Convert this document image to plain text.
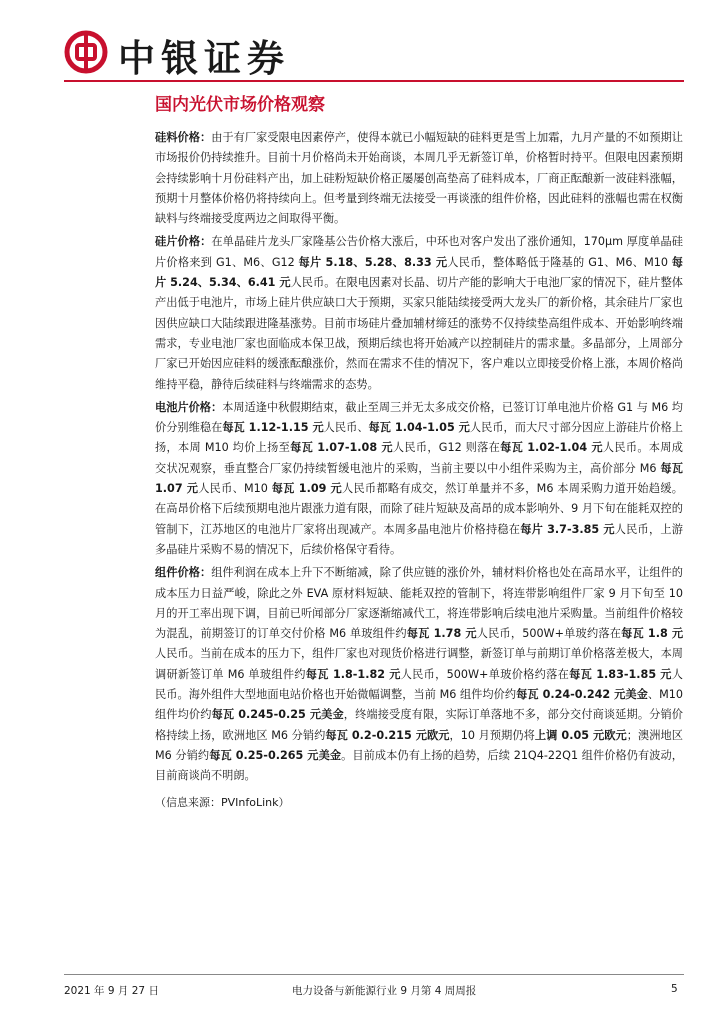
中银证券
国内光伏市场价格观察

硅料价格：由于有厂家受限电因素停产，使得本就已小幅短缺的硅料更是雪上加霜，九月产量的不如预期让市场报价仍持续推升。目前十月价格尚未开始商谈，本周几乎无新签订单，价格暂时持平。但限电因素预期会持续影响十月份硅料产出，加上硅粉短缺价格正屡屡创高垫高了硅料成本，厂商正酝酿新一波硅料涨幅，预期十月整体价格仍将持续向上。但考量到终端无法接受一再谈涨的组件价格，因此硅料的涨幅也需在权衡缺料与终端接受度两边之间取得平衡。

硅片价格：在单晶硅片龙头厂家隆基公告价格大涨后，中环也对客户发出了涨价通知，170μm 厚度单晶硅片价格来到 G1、M6、G12 每片 5.18、5.28、8.33 元人民币，整体略低于隆基的 G1、M6、M10 每片 5.24、5.34、6.41 元人民币。在限电因素对长晶、切片产能的影响大于电池厂家的情况下，硅片整体产出低于电池片，市场上硅片供应缺口大于预期，买家只能陆续接受两大龙头厂的新价格，其余硅片厂家也因供应缺口大陆续跟进隆基涨势。目前市场硅片叠加辅材缔廷的涨势不仅持续垫高组件成本、开始影响终端需求，专业电池厂家也面临成本保卫战，预期后续也将开始减产以控制硅片的需求量。多晶部分，上周部分厂家已开始因应硅料的缓涨酝酿涨价，然而在需求不佳的情况下，客户难以立即接受价格上涨，本周价格尚维持平稳，静待后续硅料与终端需求的态势。

电池片价格：本周适逢中秋假期结束，截止至周三并无太多成交价格，已签订订单电池片价格 G1 与 M6 均价分别维稳在每瓦 1.12-1.15 元人民币、每瓦 1.04-1.05 元人民币，而大尺寸部分因应上游硅片价格上扬，本周 M10 均价上扬至每瓦 1.07-1.08 元人民币，G12 则落在每瓦 1.02-1.04 元人民币。本周成交状况观察，垂直整合厂家仍持续暂缓电池片的采购，当前主要以中小组件采购为主，高价部分 M6 每瓦 1.07 元人民币、M10 每瓦 1.09 元人民币都略有成交，然订单量并不多，M6 本周采购力道开始趋缓。在高昂价格下后续预期电池片跟涨力道有限，而除了硅片短缺及高昂的成本影响外、9 月下旬在能耗双控的管制下，江苏地区的电池片厂家将出现减产。本周多晶电池片价格持稳在每片 3.7-3.85 元人民币，上游多晶硅片采购不易的情况下，后续价格保守看待。

组件价格：组件利润在成本上升下不断缩减，除了供应链的涨价外，辅材料价格也处在高昂水平，让组件的成本压力日益严峻，除此之外 EVA 原材料短缺、能耗双控的管制下，将连带影响组件厂家 9 月下旬至 10 月的开工率出现下调，目前已听闻部分厂家逐渐缩减代工，将连带影响后续电池片采购量。当前组件价格较为混乱，前期签订的订单交付价格 M6 单玻组件约每瓦 1.78 元人民币，500W+单玻约落在每瓦 1.8 元人民币。当前在成本的压力下，组件厂家也对现货价格进行调整，新签订单与前期订单价格落差极大，本周调研新签订单 M6 单玻组件约每瓦 1.8-1.82 元人民币，500W+单玻价格约落在每瓦 1.83-1.85 元人民币。海外组件大型地面电站价格也开始微幅调整，当前 M6 组件均价约每瓦 0.24-0.242 元美金、M10 组件均价约每瓦 0.245-0.25 元美金，终端接受度有限，实际订单落地不多，部分交付商谈延期。分销价格持续上扬，欧洲地区 M6 分销约每瓦 0.2-0.215 元欧元，10 月预期仍将上调 0.05 元欧元；澳洲地区 M6 分销约每瓦 0.25-0.265 元美金。目前成本仍有上扬的趋势，后续 21Q4-22Q1 组件价格仍有波动，目前商谈尚不明朗。

（信息来源：PVInfoLink）
2021 年 9 月 27 日	电力设备与新能源行业 9 月第 4 周周报	5
